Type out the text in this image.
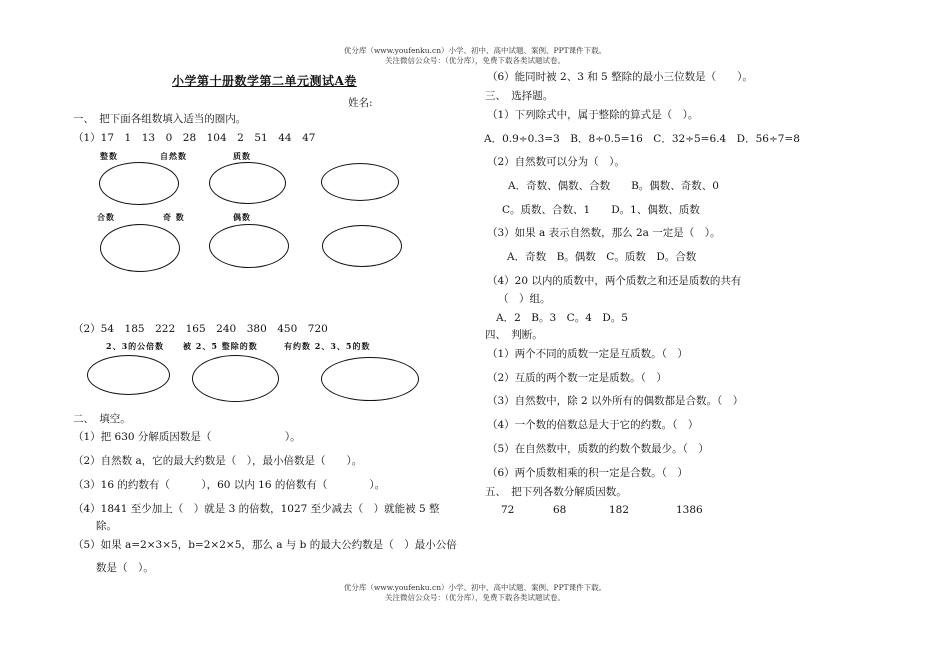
优分库（www.youfenku.cn）小学、初中、高中试题、案例、PPT课件下载。
关注微信公众号：（优分库），免费下载各类试题试卷。
小学第十册数学第二单元测试A卷
姓名:
一、　把下面各组数填入适当的圈内。
（1）17　1　13　0　28　104　2　51　44　47
整数	自然数	质数
合数	奇 数	偶数
（2）54　185　222　165　240　380　450　720
2、3的公倍数 被 2、5 整除的数	有约数 2、3、5的数
二、　填空。
（1）把 630 分解质因数是（　　　　　　　）。
（2）自然数 a，它的最大约数是（　），最小倍数是（　　）。
（3）16 的约数有（　　　），60 以内 16 的倍数有（　　　　）。
（4）1841 至少加上（　）就是 3 的倍数，1027 至少减去（　）就能被 5 整
除。
（5）如果 a=2×3×5，b=2×2×5，那么 a 与 b 的最大公约数是（　）最小公倍
数是（　）。
（6）能同时被 2、3 和 5 整除的最小三位数是（　　）。
三、　选择题。
（1）下列除式中，属于整除的算式是（　）。
A．0.9÷0.3=3　B．8÷0.5=16　C．32÷5=6.4　D．56÷7=8
（2）自然数可以分为（　）。
A．奇数、偶数、合数　　B。偶数、奇数、0
C。质数、合数、1　　D。1、偶数、质数
（3）如果 a 表示自然数，那么 2a 一定是（　）。
A．奇数　B。偶数　C。质数　D。合数
（4）20 以内的质数中，两个质数之和还是质数的共有
（　）组。
A．2　B。3　C。4　D。5
四、　判断。
（1）两个不同的质数一定是互质数。（　）
（2）互质的两个数一定是质数。（　）
（3）自然数中，除 2 以外所有的偶数都是合数。（　）
（4）一个数的倍数总是大于它的约数。（　）
（5）在自然数中，质数的约数个数最少。（　）
（6）两个质数相乘的积一定是合数。（　）
五、　把下列各数分解质因数。
72	68	182	1386
优分库（www.youfenku.cn）小学、初中、高中试题、案例、PPT课件下载。
关注微信公众号：（优分库），免费下载各类试题试卷。
